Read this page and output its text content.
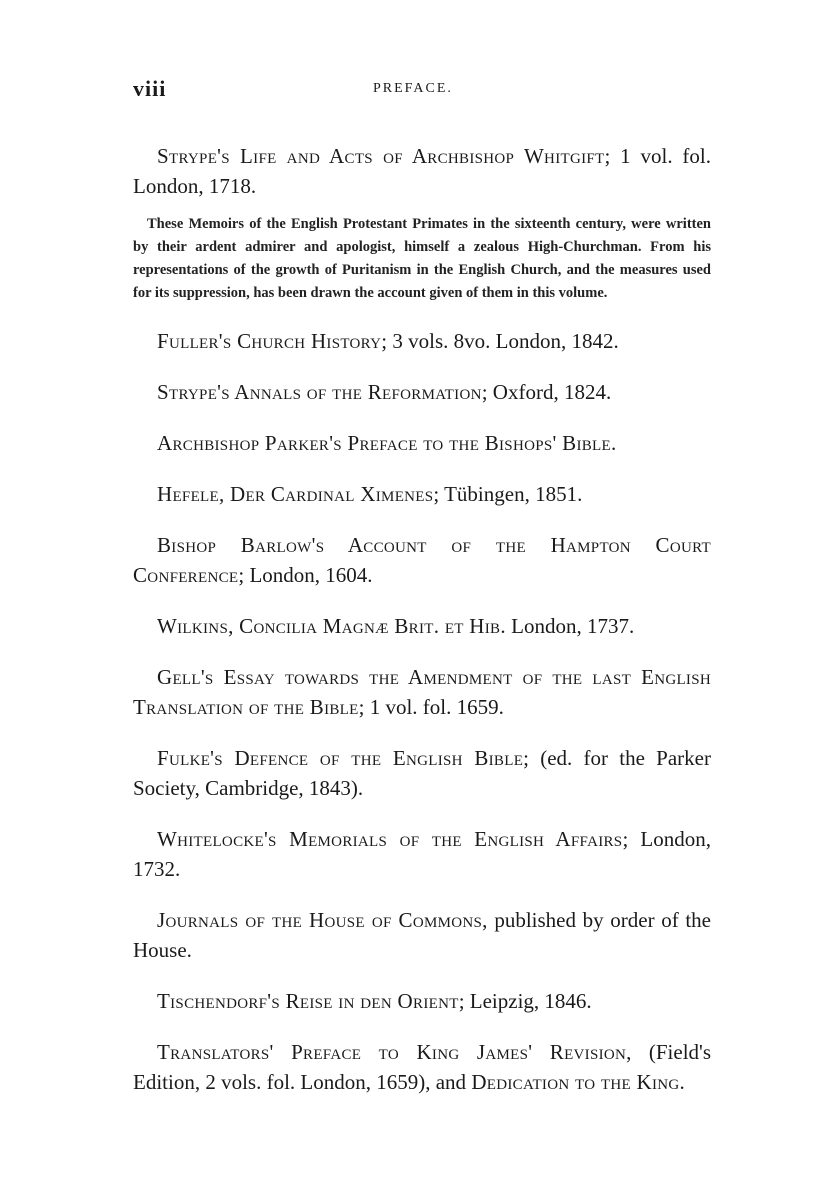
viii	PREFACE.

Strype's Life and Acts of Archbishop Whitgift; 1 vol. fol. London, 1718.

These Memoirs of the English Protestant Primates in the sixteenth century, were written by their ardent admirer and apologist, himself a zealous High-Churchman. From his representations of the growth of Puritanism in the English Church, and the measures used for its suppression, has been drawn the account given of them in this volume.

Fuller's Church History; 3 vols. 8vo. London, 1842.

Strype's Annals of the Reformation; Oxford, 1824.

Archbishop Parker's Preface to the Bishops' Bible.

Hefele, Der Cardinal Ximenes; Tübingen, 1851.

Bishop Barlow's Account of the Hampton Court Conference; London, 1604.

Wilkins, Concilia Magnæ Brit. et Hib. London, 1737.

Gell's Essay towards the Amendment of the last English Translation of the Bible; 1 vol. fol. 1659.

Fulke's Defence of the English Bible; (ed. for the Parker Society, Cambridge, 1843).

Whitelocke's Memorials of the English Affairs; London, 1732.

Journals of the House of Commons, published by order of the House.

Tischendorf's Reise in den Orient; Leipzig, 1846.

Translators' Preface to King James' Revision, (Field's Edition, 2 vols. fol. London, 1659), and Dedication to the King.
